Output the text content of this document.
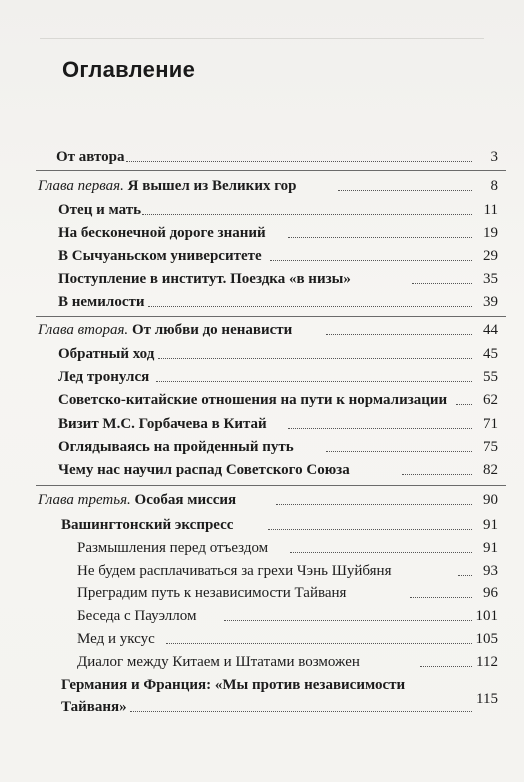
Оглавление
От автора	3
Глава первая. Я вышел из Великих гор	8
Отец и мать	11
На бесконечной дороге знаний	19
В Сычуаньском университете	29
Поступление в институт. Поездка «в низы»	35
В немилости	39
Глава вторая. От любви до ненависти	44
Обратный ход	45
Лед тронулся	55
Советско-китайские отношения на пути к нормализации 62
Визит М.С. Горбачева в Китай	71
Оглядываясь на пройденный путь	75
Чему нас научил распад Советского Союза	82
Глава третья. Особая миссия	90
Вашингтонский экспресс	91
Размышления перед отъездом	91
Не будем расплачиваться за грехи Чэнь Шуйбяня	93
Преградим путь к независимости Тайваня	96
Беседа с Пауэллом	101
Мед и уксус	105
Диалог между Китаем и Штатами возможен	112
Германия и Франция: «Мы против независимости
Тайваня»	115
